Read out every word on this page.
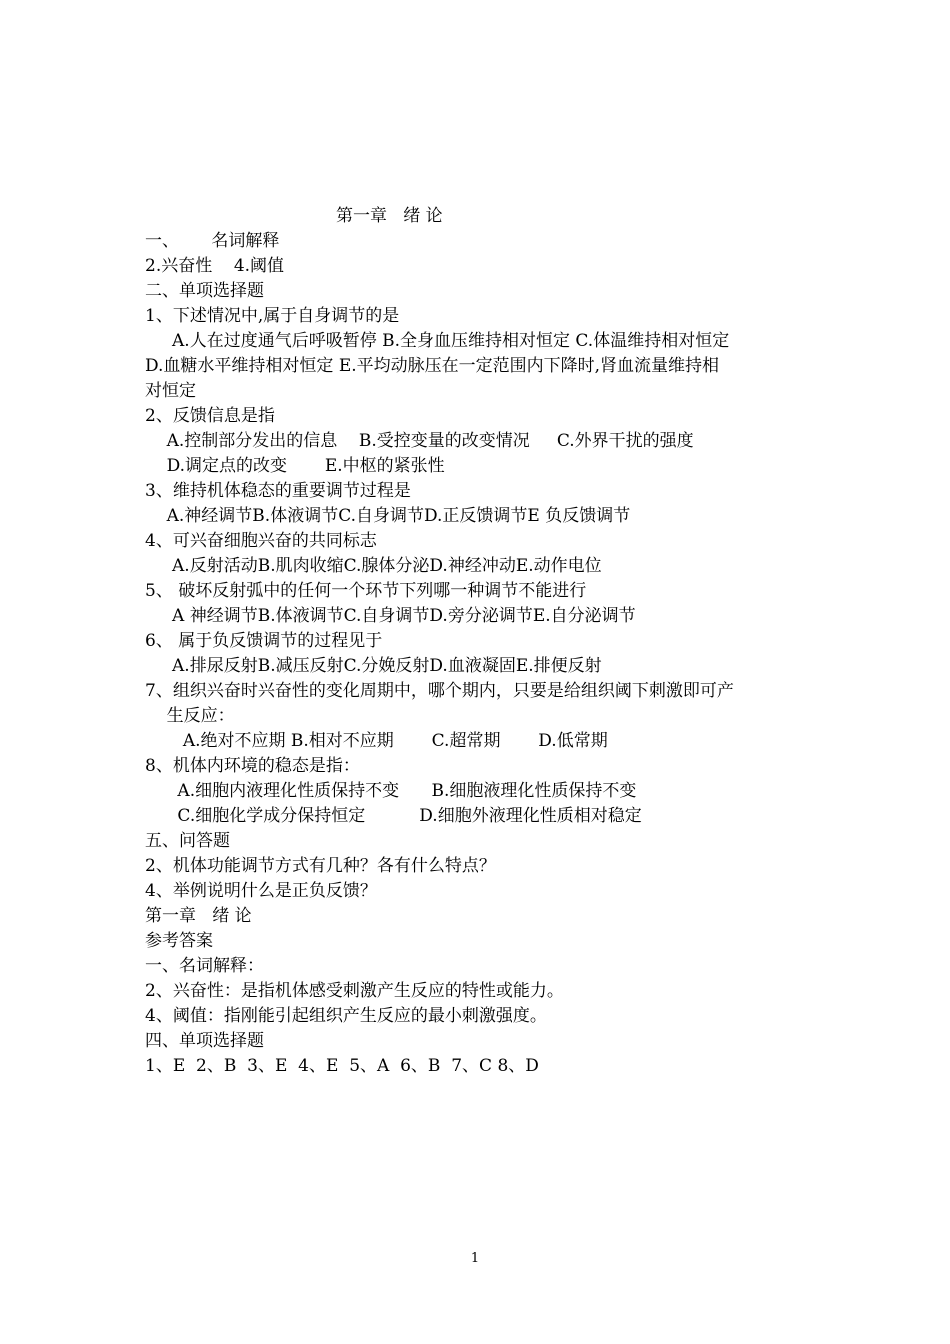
第一章   绪 论
一、      名词解释
2.兴奋性    4.阈值
二、单项选择题
1、下述情况中,属于自身调节的是
A.人在过度通气后呼吸暂停 B.全身血压维持相对恒定 C.体温维持相对恒定
D.血糖水平维持相对恒定 E.平均动脉压在一定范围内下降时,肾血流量维持相
对恒定
2、反馈信息是指
A.控制部分发出的信息    B.受控变量的改变情况     C.外界干扰的强度
D.调定点的改变       E.中枢的紧张性
3、维持机体稳态的重要调节过程是
A.神经调节B.体液调节C.自身调节D.正反馈调节E 负反馈调节
4、可兴奋细胞兴奋的共同标志
A.反射活动B.肌肉收缩C.腺体分泌D.神经冲动E.动作电位
5、 破坏反射弧中的任何一个环节下列哪一种调节不能进行
A 神经调节B.体液调节C.自身调节D.旁分泌调节E.自分泌调节
6、 属于负反馈调节的过程见于
A.排尿反射B.减压反射C.分娩反射D.血液凝固E.排便反射
7、组织兴奋时兴奋性的变化周期中，哪个期内，只要是给组织阈下刺激即可产
生反应：
A.绝对不应期 B.相对不应期       C.超常期       D.低常期
8、机体内环境的稳态是指：
A.细胞内液理化性质保持不变      B.细胞液理化性质保持不变
C.细胞化学成分保持恒定          D.细胞外液理化性质相对稳定
五、问答题
2、机体功能调节方式有几种？各有什么特点？
4、举例说明什么是正负反馈？
第一章   绪 论
参考答案
一、名词解释：
2、兴奋性：是指机体感受刺激产生反应的特性或能力。
4、阈值：指刚能引起组织产生反应的最小刺激强度。
四、单项选择题
1、E  2、B  3、E  4、E  5、A  6、B  7、C 8、D
1
